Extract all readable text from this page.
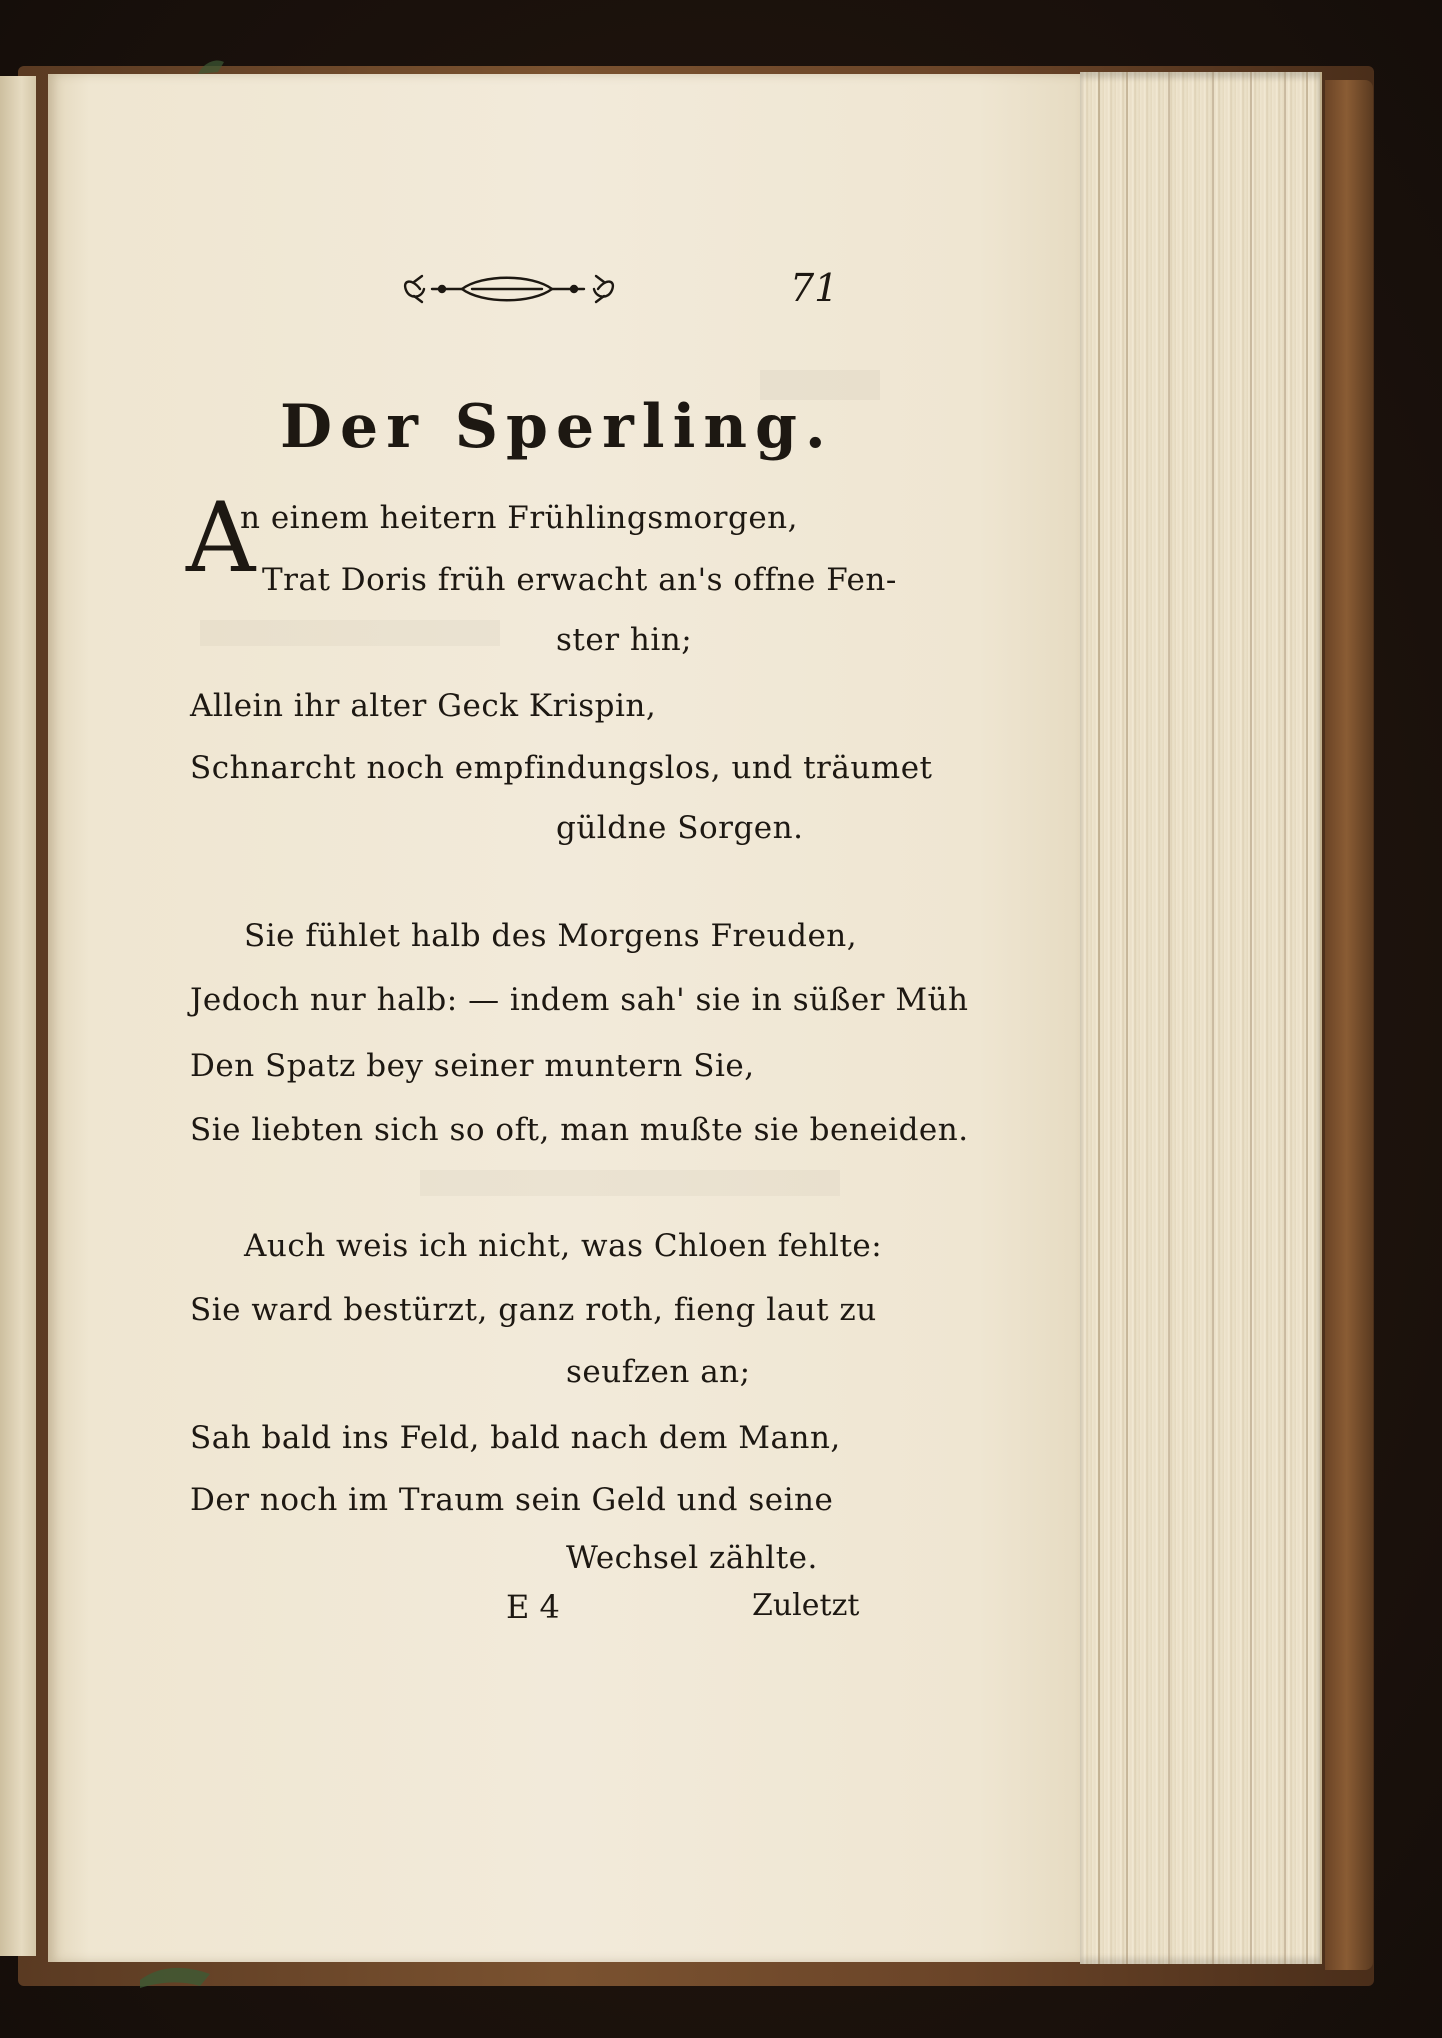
71
Der Sperling.
A
n einem heitern Frühlingsmorgen,
Trat Doris früh erwacht an's offne Fen-
ster hin;
Allein ihr alter Geck Krispin,
Schnarcht noch empfindungslos, und träumet
güldne Sorgen.
Sie fühlet halb des Morgens Freuden,
Jedoch nur halb: — indem sah' sie in süßer Müh
Den Spatz bey seiner muntern Sie,
Sie liebten sich so oft, man mußte sie beneiden.
Auch weis ich nicht, was Chloen fehlte:
Sie ward bestürzt, ganz roth, fieng laut zu
seufzen an;
Sah bald ins Feld, bald nach dem Mann,
Der noch im Traum sein Geld und seine
Wechsel zählte.
E 4	Zuletzt
